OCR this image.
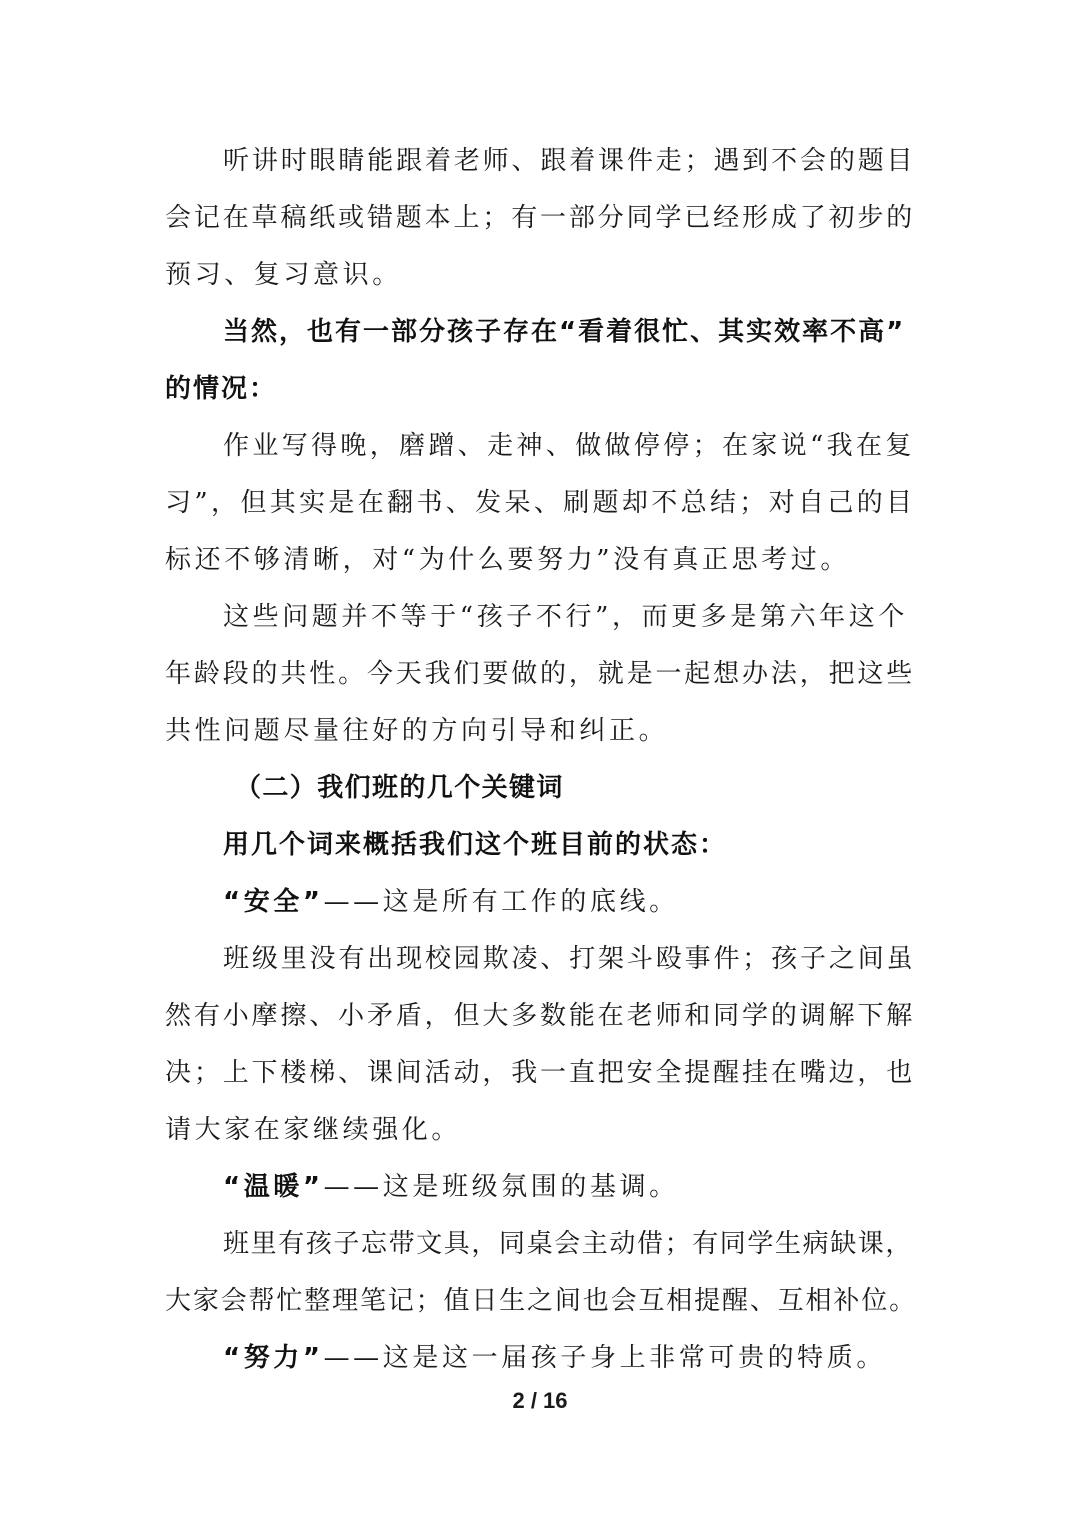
听讲时眼睛能跟着老师、跟着课件走；遇到不会的题目
会记在草稿纸或错题本上；有一部分同学已经形成了初步的
预习、复习意识。
当然，也有一部分孩子存在“看着很忙、其实效率不高”
的情况：
作业写得晚，磨蹭、走神、做做停停；在家说“我在复
习”，但其实是在翻书、发呆、刷题却不总结；对自己的目
标还不够清晰，对“为什么要努力”没有真正思考过。
这些问题并不等于“孩子不行”，而更多是第六年这个
年龄段的共性。今天我们要做的，就是一起想办法，把这些
共性问题尽量往好的方向引导和纠正。
（二）我们班的几个关键词
用几个词来概括我们这个班目前的状态：
“安全”——这是所有工作的底线。
班级里没有出现校园欺凌、打架斗殴事件；孩子之间虽
然有小摩擦、小矛盾，但大多数能在老师和同学的调解下解
决；上下楼梯、课间活动，我一直把安全提醒挂在嘴边，也
请大家在家继续强化。
“温暖”——这是班级氛围的基调。
班里有孩子忘带文具，同桌会主动借；有同学生病缺课，
大家会帮忙整理笔记；值日生之间也会互相提醒、互相补位。
“努力”——这是这一届孩子身上非常可贵的特质。
2 / 16
